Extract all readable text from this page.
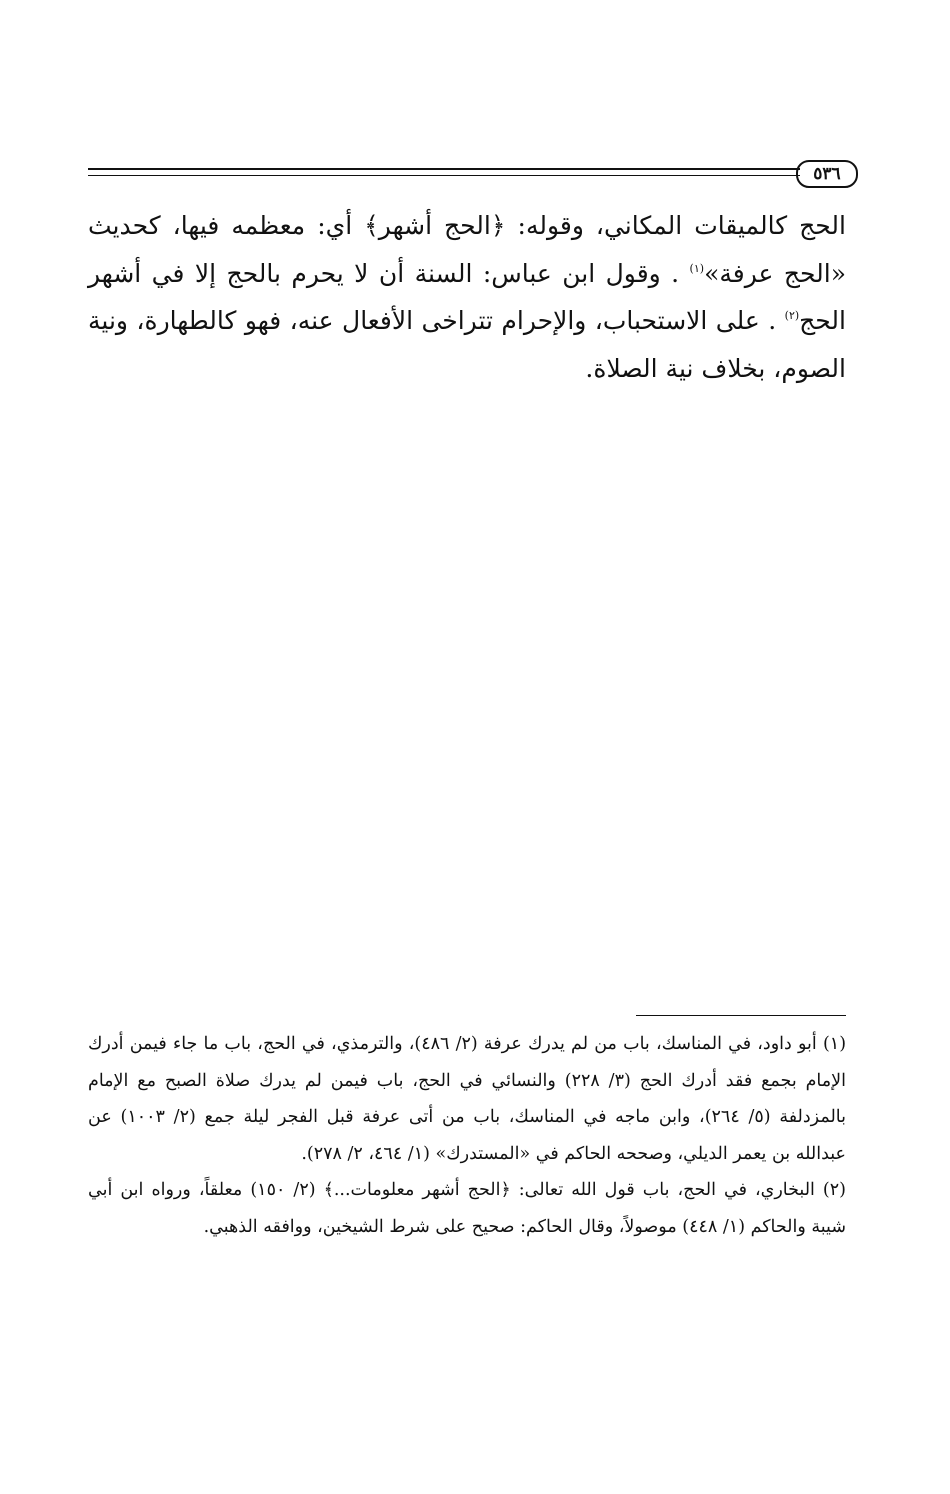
٥٣٦

الحج كالميقات المكاني، وقوله: ﴿الحج أشهر﴾ أي: معظمه فيها، كحديث «الحج عرفة»$^{(١)}$ . وقول ابن عباس: السنة أن لا يحرم بالحج إلا في أشهر الحج$^{(٢)}$ . على الاستحباب، والإحرام تتراخى الأفعال عنه، فهو كالطهارة، ونية الصوم، بخلاف نية الصلاة.

(١) أبو داود، في المناسك، باب من لم يدرك عرفة (٢/ ٤٨٦)، والترمذي، في الحج، باب ما جاء فيمن أدرك الإمام بجمع فقد أدرك الحج (٣/ ٢٢٨) والنسائي في الحج، باب فيمن لم يدرك صلاة الصبح مع الإمام بالمزدلفة (٥/ ٢٦٤)، وابن ماجه في المناسك، باب من أتى عرفة قبل الفجر ليلة جمع (٢/ ١٠٠٣) عن عبدالله بن يعمر الديلي، وصححه الحاكم في «المستدرك» (١/ ٤٦٤، ٢/ ٢٧٨).

(٢) البخاري، في الحج، باب قول الله تعالى: ﴿الحج أشهر معلومات...﴾ (٢/ ١٥٠) معلقاً، ورواه ابن أبي شيبة والحاكم (١/ ٤٤٨) موصولاً، وقال الحاكم: صحيح على شرط الشيخين، ووافقه الذهبي.
